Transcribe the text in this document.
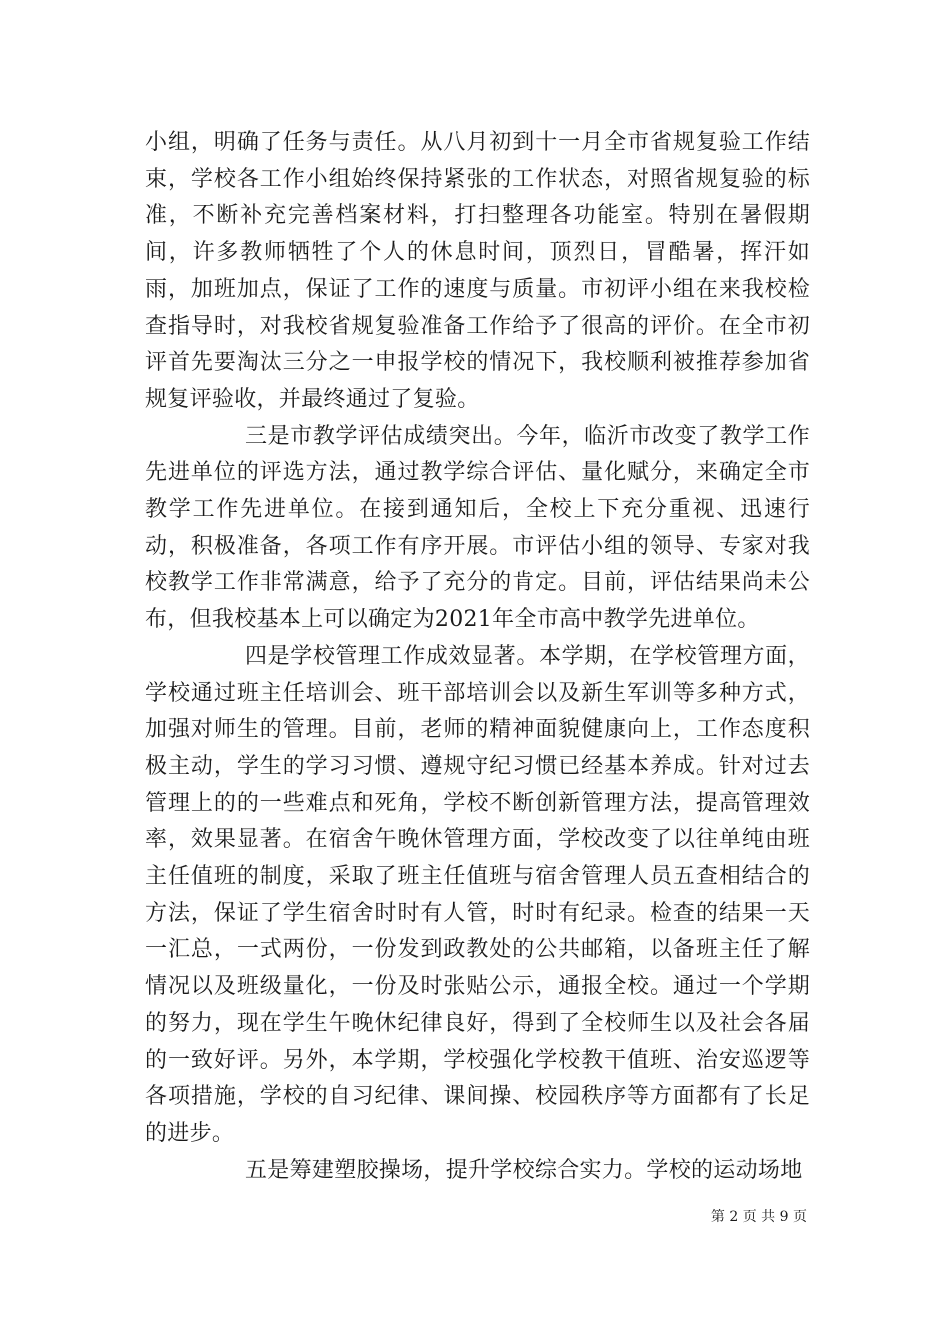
小组，明确了任务与责任。从八月初到十一月全市省规复验工作结束，学校各工作小组始终保持紧张的工作状态，对照省规复验的标准，不断补充完善档案材料，打扫整理各功能室。特别在暑假期间，许多教师牺牲了个人的休息时间，顶烈日，冒酷暑，挥汗如雨，加班加点，保证了工作的速度与质量。市初评小组在来我校检查指导时，对我校省规复验准备工作给予了很高的评价。在全市初评首先要淘汰三分之一申报学校的情况下，我校顺利被推荐参加省规复评验收，并最终通过了复验。

三是市教学评估成绩突出。今年，临沂市改变了教学工作先进单位的评选方法，通过教学综合评估、量化赋分，来确定全市教学工作先进单位。在接到通知后，全校上下充分重视、迅速行动，积极准备，各项工作有序开展。市评估小组的领导、专家对我校教学工作非常满意，给予了充分的肯定。目前，评估结果尚未公布，但我校基本上可以确定为2021年全市高中教学先进单位。

四是学校管理工作成效显著。本学期，在学校管理方面，学校通过班主任培训会、班干部培训会以及新生军训等多种方式，加强对师生的管理。目前，老师的精神面貌健康向上，工作态度积极主动，学生的学习习惯、遵规守纪习惯已经基本养成。针对过去管理上的的一些难点和死角，学校不断创新管理方法，提高管理效率，效果显著。在宿舍午晚休管理方面，学校改变了以往单纯由班主任值班的制度，采取了班主任值班与宿舍管理人员五查相结合的方法，保证了学生宿舍时时有人管，时时有纪录。检查的结果一天一汇总，一式两份，一份发到政教处的公共邮箱，以备班主任了解情况以及班级量化，一份及时张贴公示，通报全校。通过一个学期的努力，现在学生午晚休纪律良好，得到了全校师生以及社会各届的一致好评。另外，本学期，学校强化学校教干值班、治安巡逻等各项措施，学校的自习纪律、课间操、校园秩序等方面都有了长足的进步。

五是筹建塑胶操场，提升学校综合实力。学校的运动场地

第 2 页 共 9 页
